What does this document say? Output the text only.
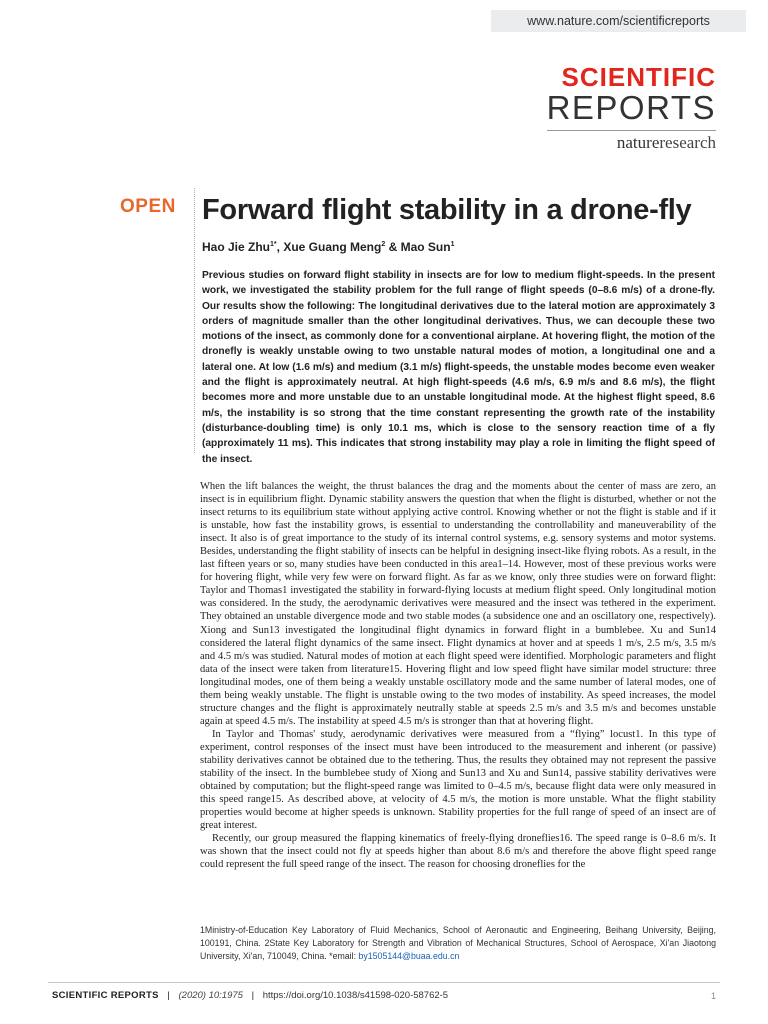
www.nature.com/scientificreports
SCIENTIFIC
REPORTS
natureresearch
OPEN Forward flight stability in a drone-fly
Hao Jie Zhu$^{1*}$, Xue Guang Meng$^2$ & Mao Sun$^1$
Previous studies on forward flight stability in insects are for low to medium flight-speeds. In the present work, we investigated the stability problem for the full range of flight speeds (0–8.6 m/s) of a drone-fly. Our results show the following: The longitudinal derivatives due to the lateral motion are approximately 3 orders of magnitude smaller than the other longitudinal derivatives. Thus, we can decouple these two motions of the insect, as commonly done for a conventional airplane. At hovering flight, the motion of the dronefly is weakly unstable owing to two unstable natural modes of motion, a longitudinal one and a lateral one. At low (1.6 m/s) and medium (3.1 m/s) flight-speeds, the unstable modes become even weaker and the flight is approximately neutral. At high flight-speeds (4.6 m/s, 6.9 m/s and 8.6 m/s), the flight becomes more and more unstable due to an unstable longitudinal mode. At the highest flight speed, 8.6 m/s, the instability is so strong that the time constant representing the growth rate of the instability (disturbance-doubling time) is only 10.1 ms, which is close to the sensory reaction time of a fly (approximately 11 ms). This indicates that strong instability may play a role in limiting the flight speed of the insect.

When the lift balances the weight, the thrust balances the drag and the moments about the center of mass are zero, an insect is in equilibrium flight. Dynamic stability answers the question that when the flight is disturbed, whether or not the insect returns to its equilibrium state without applying active control. Knowing whether or not the flight is stable and if it is unstable, how fast the instability grows, is essential to understanding the controllability and maneuverability of the insect. It also is of great importance to the study of its internal control systems, e.g. sensory systems and motor systems. Besides, understanding the flight stability of insects can be helpful in designing insect-like flying robots. As a result, in the last fifteen years or so, many studies have been conducted in this area1–14. However, most of these previous works were for hovering flight, while very few were on forward flight. As far as we know, only three studies were on forward flight: Taylor and Thomas1 investigated the stability in forward-flying locusts at medium flight speed. Only longitudinal motion was considered. In the study, the aerodynamic derivatives were measured and the insect was tethered in the experiment. They obtained an unstable divergence mode and two stable modes (a subsidence one and an oscillatory one, respectively). Xiong and Sun13 investigated the longitudinal flight dynamics in forward flight in a bumblebee. Xu and Sun14 considered the lateral flight dynamics of the same insect. Flight dynamics at hover and at speeds 1 m/s, 2.5 m/s, 3.5 m/s and 4.5 m/s was studied. Natural modes of motion at each flight speed were identified. Morphologic parameters and flight data of the insect were taken from literature15. Hovering flight and low speed flight have similar model structure: three longitudinal modes, one of them being a weakly unstable oscillatory mode and the same number of lateral modes, one of them being weakly unstable. The flight is unstable owing to the two modes of instability. As speed increases, the model structure changes and the flight is approximately neutrally stable at speeds 2.5 m/s and 3.5 m/s and becomes unstable again at speed 4.5 m/s. The instability at speed 4.5 m/s is stronger than that at hovering flight.

In Taylor and Thomas' study, aerodynamic derivatives were measured from a “flying” locust1. In this type of experiment, control responses of the insect must have been introduced to the measurement and inherent (or passive) stability derivatives cannot be obtained due to the tethering. Thus, the results they obtained may not represent the passive stability of the insect. In the bumblebee study of Xiong and Sun13 and Xu and Sun14, passive stability derivatives were obtained by computation; but the flight-speed range was limited to 0–4.5 m/s, because flight data were only measured in this speed range15. As described above, at velocity of 4.5 m/s, the motion is more unstable. What the flight stability properties would become at higher speeds is unknown. Stability properties for the full range of speed of an insect are of great interest.

Recently, our group measured the flapping kinematics of freely-flying droneflies16. The speed range is 0–8.6 m/s. It was shown that the insect could not fly at speeds higher than about 8.6 m/s and therefore the above flight speed range could represent the full speed range of the insect. The reason for choosing droneflies for the

1Ministry-of-Education Key Laboratory of Fluid Mechanics, School of Aeronautic and Engineering, Beihang University, Beijing, 100191, China. 2State Key Laboratory for Strength and Vibration of Mechanical Structures, School of Aerospace, Xi'an Jiaotong University, Xi'an, 710049, China. *email: by1505144@buaa.edu.cn
SCIENTIFIC REPORTS | (2020) 10:1975 | https://doi.org/10.1038/s41598-020-58762-5	1
